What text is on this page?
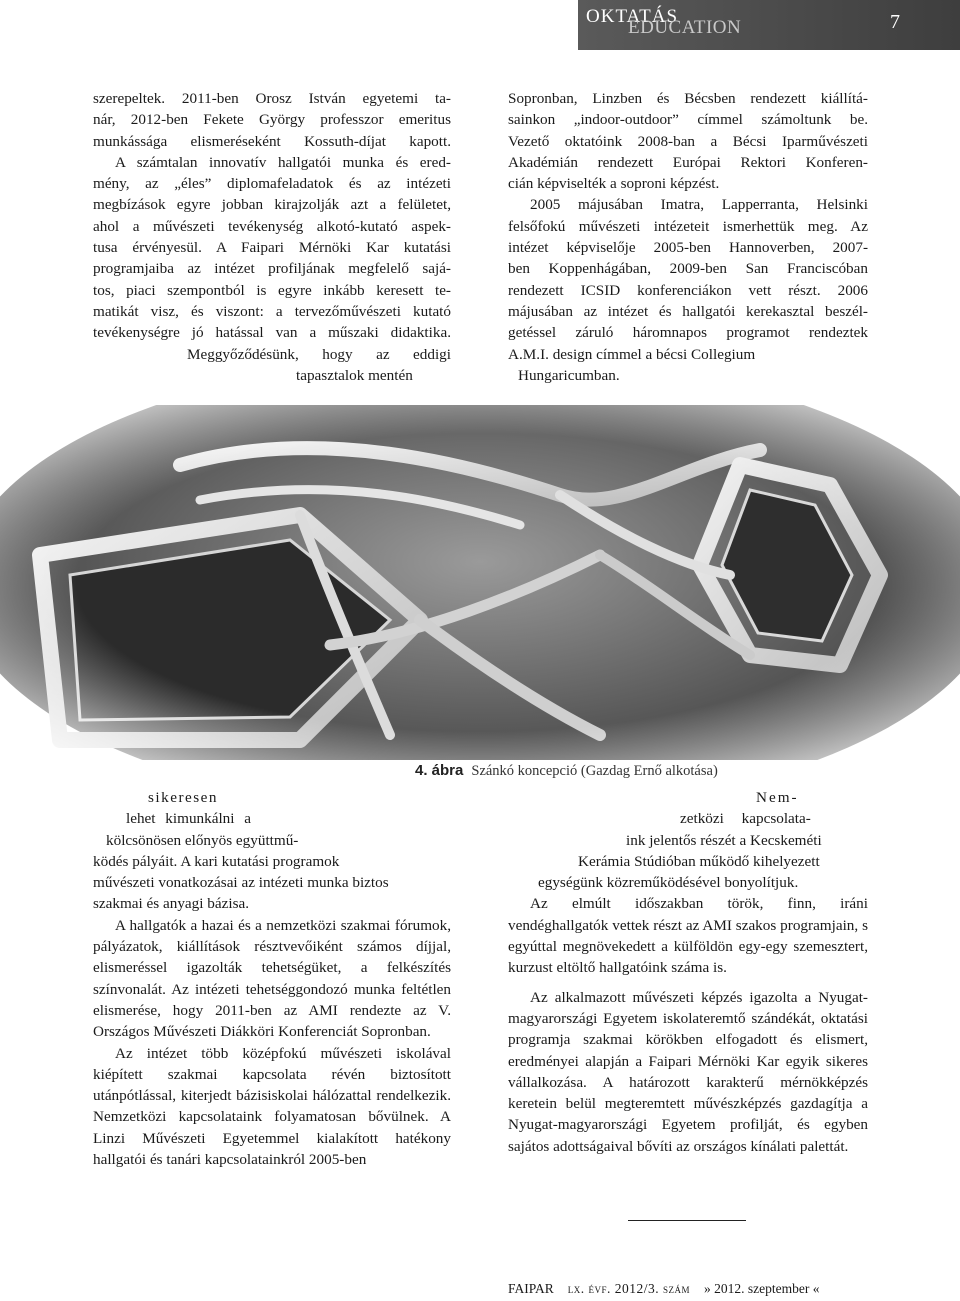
OKTATÁS
EDUCATION	7
szerepeltek. 2011-ben Orosz István egyetemi ta-
nár, 2012-ben Fekete György professzor emeritus
munkássága elismeréseként Kossuth-díjat kapott.
A számtalan innovatív hallgatói munka és ered-
mény, az „éles” diplomafeladatok és az intézeti
megbízások egyre jobban kirajzolják azt a felületet,
ahol a művészeti tevékenység alkotó-kutató aspek-
tusa érvényesül. A Faipari Mérnöki Kar kutatási
programjaiba az intézet profiljának megfelelő sajá-
tos, piaci szempontból is egyre inkább keresett te-
matikát visz, és viszont: a tervezőművészeti kutató
tevékenységre jó hatással van a műszaki didaktika.
Meggyőződésünk, hogy az eddigi
tapasztalok mentén
Sopronban, Linzben és Bécsben rendezett kiállítá-
sainkon „indoor-outdoor” címmel számoltunk be.
Vezető oktatóink 2008-ban a Bécsi Iparművészeti
Akadémián rendezett Európai Rektori Konferen-
cián képviselték a soproni képzést.
2005 májusában Imatra, Lapperranta, Helsinki
felsőfokú művészeti intézeteit ismerhettük meg. Az
intézet képviselője 2005-ben Hannoverben, 2007-
ben Koppenhágában, 2009-ben San Franciscóban
rendezett ICSID konferenciákon vett részt. 2006
májusában az intézet és hallgatói kerekasztal beszél-
getéssel záruló háromnapos programot rendeztek
A.M.I. design címmel a bécsi Collegium
Hungaricumban.
4. ábra Szánkó koncepció (Gazdag Ernő alkotása)
sikeresen
lehet kimunkálni a
kölcsönösen előnyös együttmű-
ködés pályáit. A kari kutatási programok
művészeti vonatkozásai az intézeti munka biztos
szakmai és anyagi bázisa.

A hallgatók a hazai és a nemzetközi szakmai fórumok, pályázatok, kiállítások résztvevőiként számos díjjal, elismeréssel igazolták tehetségüket, a felkészítés színvonalát. Az intézeti tehetséggondozó munka feltétlen elismerése, hogy 2011-ben az AMI rendezte az V. Országos Művészeti Diákköri Konferenciát Sopronban.

Az intézet több középfokú művészeti iskolával kiépített szakmai kapcsolata révén biztosított utánpótlással, kiterjedt bázisiskolai hálózattal rendelkezik. Nemzetközi kapcsolataink folyamatosan bővülnek. A Linzi Művészeti Egyetemmel kialakított hatékony hallgatói és tanári kapcsolatainkról 2005-ben

Nem-
zetközi kapcsolata-
ink jelentős részét a Kecskeméti
Kerámia Stúdióban működő kihelyezett
egységünk közreműködésével bonyolítjuk.

Az elmúlt időszakban török, finn, iráni vendéghallgatók vettek részt az AMI szakos programjain, s egyúttal megnövekedett a külföldön egy-egy szemesztert, kurzust eltöltő hallgatóink száma is.

Az alkalmazott művészeti képzés igazolta a Nyugat-magyarországi Egyetem iskolateremtő szándékát, oktatási programja szakmai körökben elfogadott és elismert, eredményei alapján a Faipari Mérnöki Kar egyik sikeres vállalkozása. A határozott karakterű mérnökképzés keretein belül megteremtett művészképzés gazdagítja a Nyugat-magyarországi Egyetem profilját, és egyben sajátos adottságaival bővíti az országos kínálati palettát.

FAIPAR lx. évf. 2012/3. szám » 2012. szeptember «
